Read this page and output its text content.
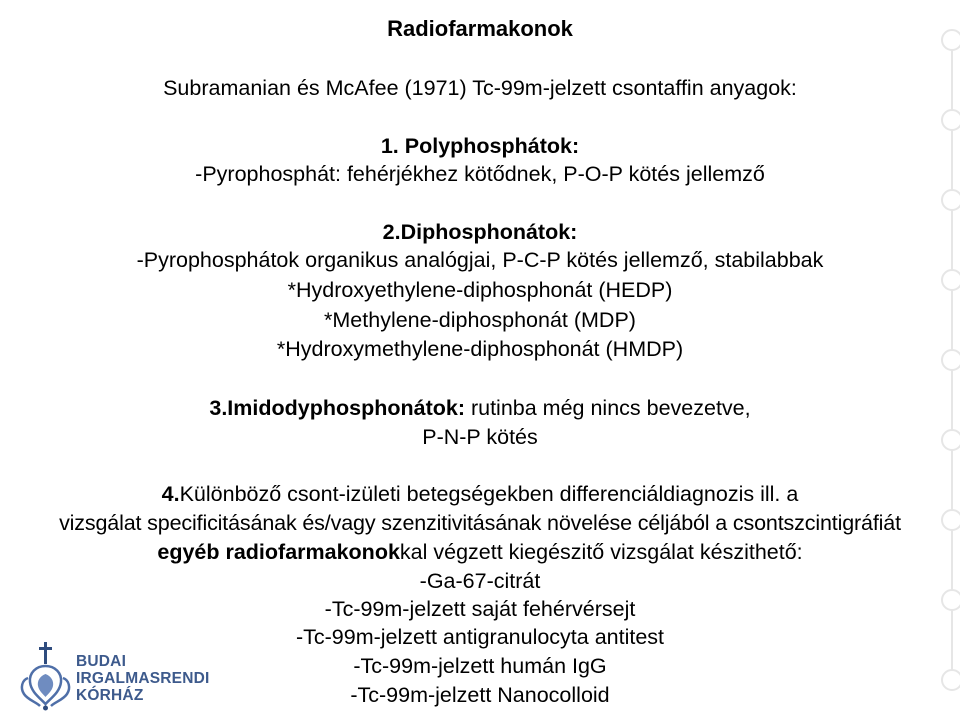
Radiofarmakonok
Subramanian és McAfee (1971) Tc-99m-jelzett csontaffin anyagok:
1. Polyphosphátok:
-Pyrophosphát: fehérjékhez kötődnek, P-O-P kötés jellemző
2.Diphosphonátok:
-Pyrophosphátok organikus analógjai, P-C-P kötés jellemző, stabilabbak
*Hydroxyethylene-diphosphonát (HEDP)
*Methylene-diphosphonát (MDP)
*Hydroxymethylene-diphosphonát (HMDP)
3.Imidodyphosphonátok: rutinba még nincs bevezetve,
P-N-P kötés
4.Különböző csont-izületi betegségekben differenciáldiagnozis ill. a
vizsgálat specificitásának és/vagy szenzitivitásának növelése céljából a csontszcintigráfiát
egyéb radiofarmakonokkal végzett kiegészitő vizsgálat készithető:
-Ga-67-citrát
-Tc-99m-jelzett saját fehérvérsejt
-Tc-99m-jelzett antigranulocyta antitest
-Tc-99m-jelzett humán IgG
-Tc-99m-jelzett Nanocolloid
BUDAI
IRGALMASRENDI
KÓRHÁZ
